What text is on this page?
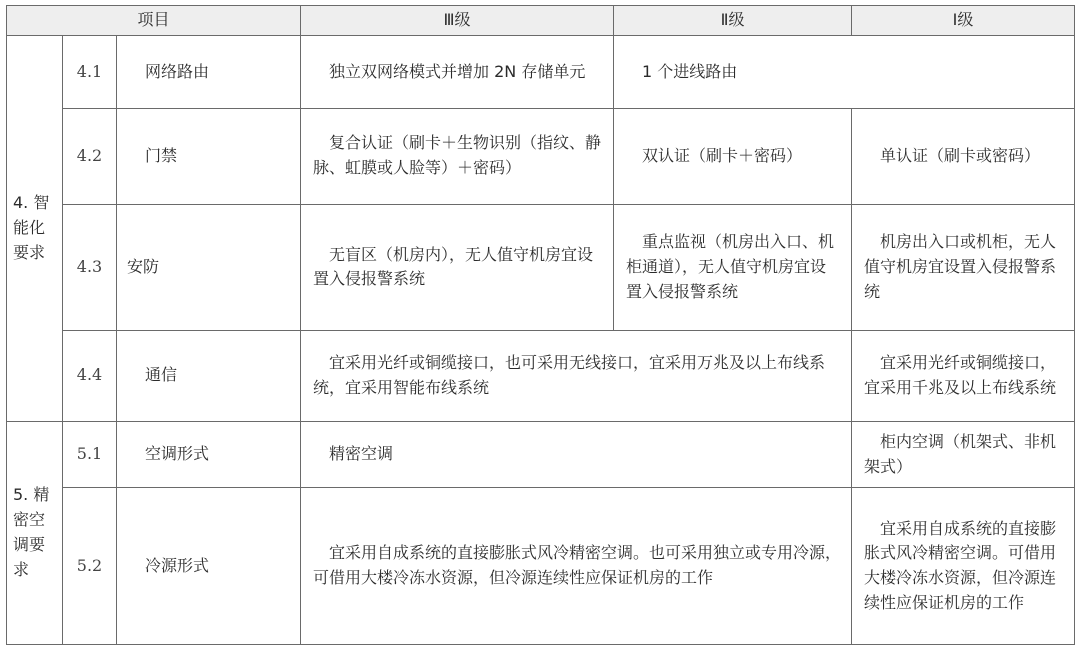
项目			Ⅲ级	Ⅱ级	Ⅰ级
4. 智能化要求	4.1	网络路由	独立双网络模式并增加 2N 存储单元	1 个进线路由	
	4.2	门禁	复合认证（刷卡＋生物识别（指纹、静脉、虹膜或人脸等）＋密码）	双认证（刷卡＋密码）	单认证（刷卡或密码）
	4.3	安防	无盲区（机房内），无人值守机房宜设置入侵报警系统	重点监视（机房出入口、机柜通道），无人值守机房宜设置入侵报警系统	机房出入口或机柜，无人值守机房宜设置入侵报警系统
	4.4	通信	宜采用光纤或铜缆接口，也可采用无线接口，宜采用万兆及以上布线系统，宜采用智能布线系统		宜采用光纤或铜缆接口，宜采用千兆及以上布线系统
5. 精密空调要求	5.1	空调形式	精密空调		柜内空调（机架式、非机架式）
	5.2	冷源形式	宜采用自成系统的直接膨胀式风冷精密空调。也可采用独立或专用冷源，可借用大楼冷冻水资源，但冷源连续性应保证机房的工作		宜采用自成系统的直接膨胀式风冷精密空调。可借用大楼冷冻水资源，但冷源连续性应保证机房的工作
